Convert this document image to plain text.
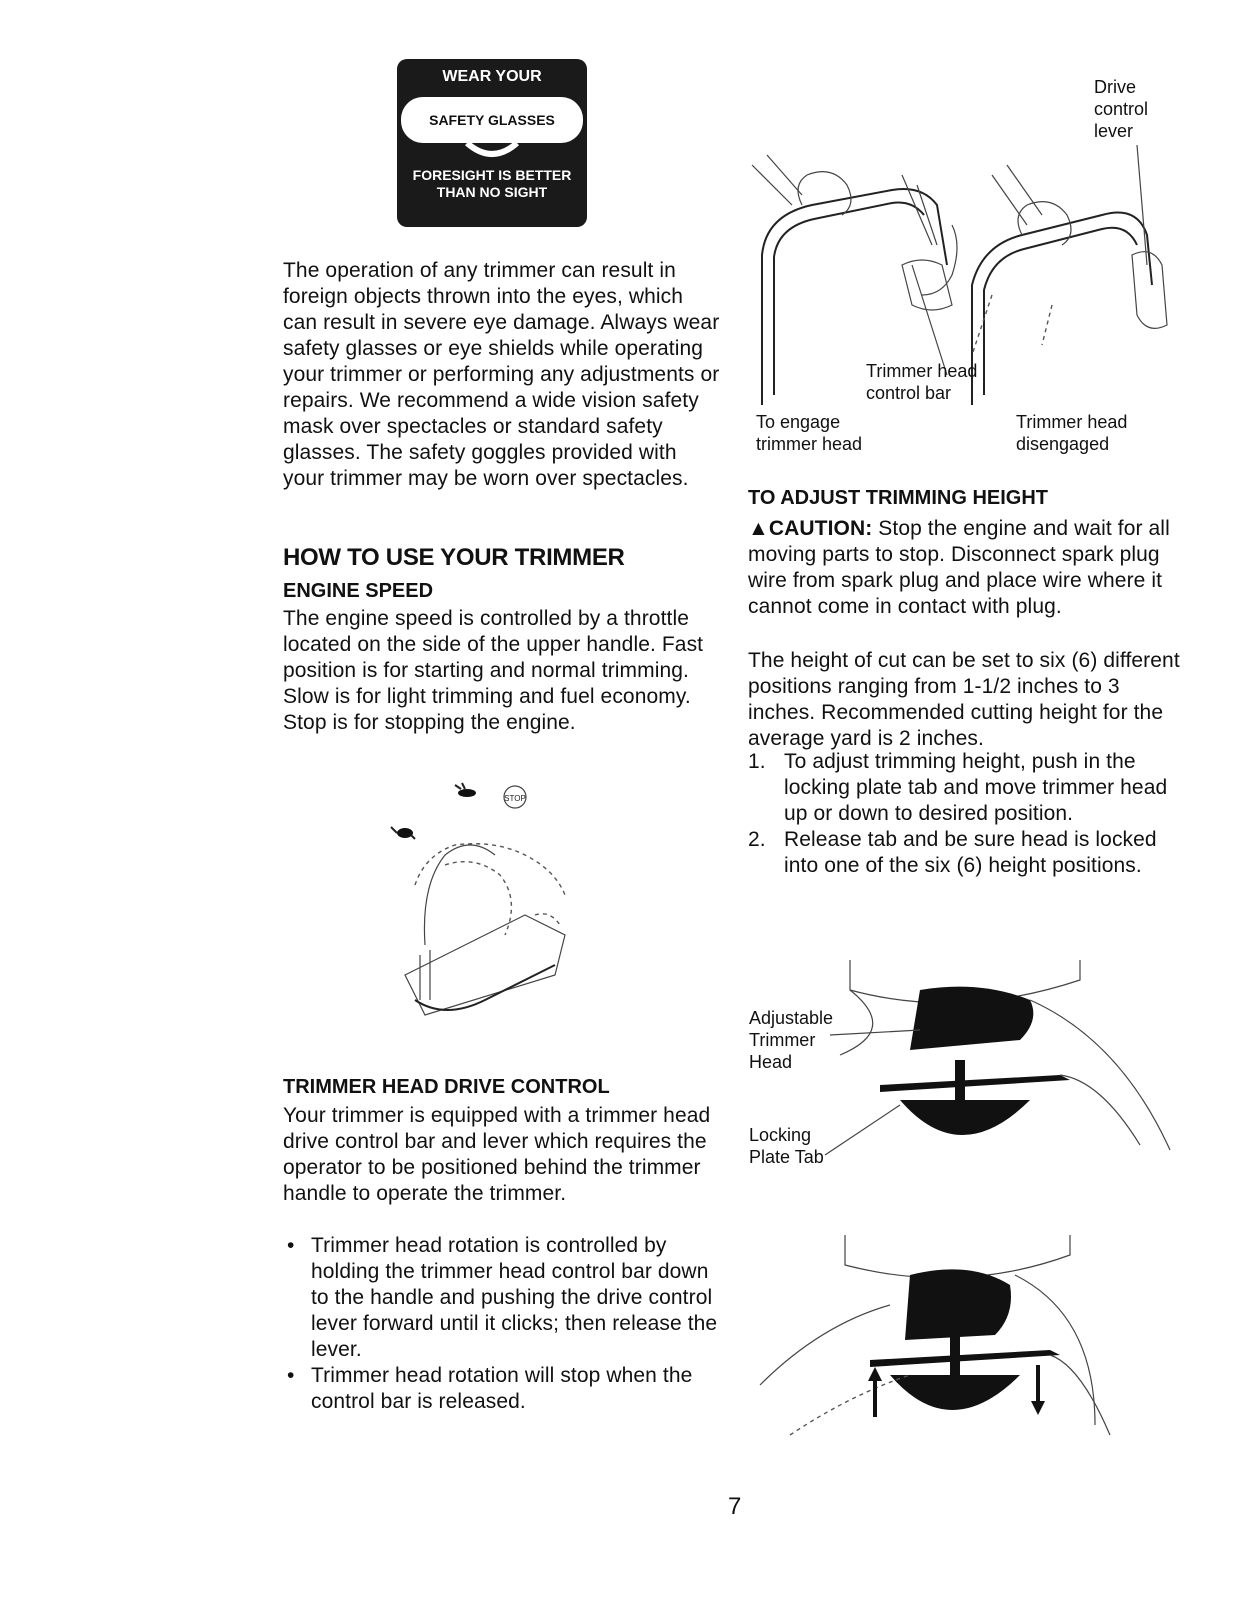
WEAR YOUR
SAFETY GLASSES
FORESIGHT IS BETTER
THAN NO SIGHT

The operation of any trimmer can result in foreign objects thrown into the eyes, which can result in severe eye damage. Always wear safety glasses or eye shields while operating your trimmer or performing any adjustments or repairs. We recommend a wide vision safety mask over spectacles or standard safety glasses. The safety goggles provided with your trimmer may be worn over spectacles.

HOW TO USE YOUR TRIMMER
ENGINE SPEED

The engine speed is controlled by a throttle located on the side of the upper handle. Fast position is for starting and normal trimming. Slow is for light trimming and fuel economy. Stop is for stopping the engine.

STOP
TRIMMER HEAD DRIVE CONTROL

Your trimmer is equipped with a trimmer head drive control bar and lever which requires the operator to be positioned behind the trimmer handle to operate the trimmer.

• Trimmer head rotation is controlled by holding the trimmer head control bar down to the handle and pushing the drive control lever forward until it clicks; then release the lever.
• Trimmer head rotation will stop when the control bar is released.
Drive
control
lever
Trimmer head
control bar
To engage
trimmer head
Trimmer head
disengaged
TO ADJUST TRIMMING HEIGHT

▲CAUTION: Stop the engine and wait for all moving parts to stop. Disconnect spark plug wire from spark plug and place wire where it cannot come in contact with plug.

The height of cut can be set to six (6) different positions ranging from 1-1/2 inches to 3 inches. Recommended cutting height for the average yard is 2 inches.

1. To adjust trimming height, push in the locking plate tab and move trimmer head up or down to desired position.
2. Release tab and be sure head is locked into one of the six (6) height positions.
Adjustable
Trimmer
Head
Locking
Plate Tab
7
